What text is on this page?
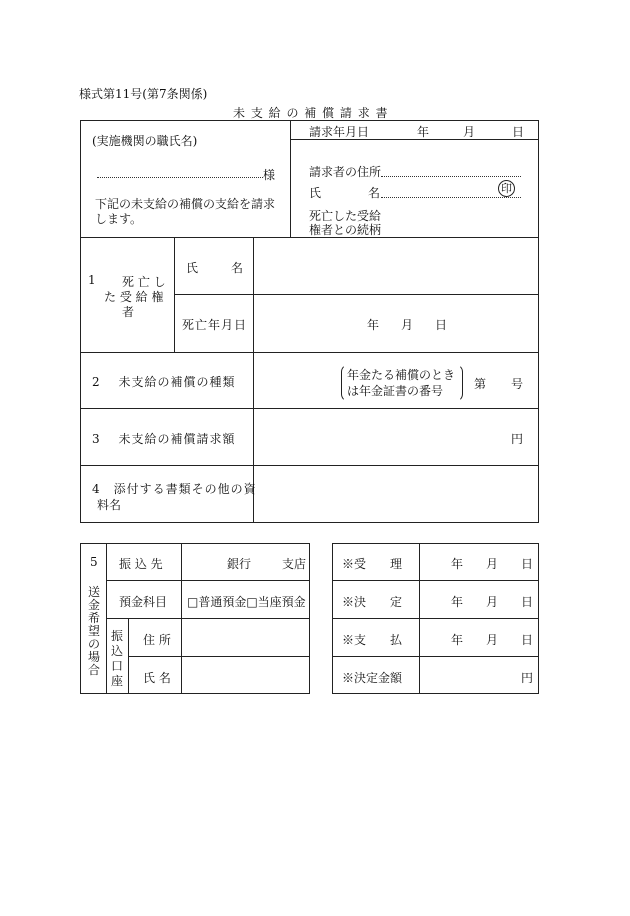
様式第11号(第7条関係)
未 支 給 の 補 償 請 求 書
(実施機関の職氏名)
様
下記の未支給の補償の支給を請求
します。
請求年月日	年	月	日
請求者の住所
氏	名	印
死亡した受給
権者との続柄
1 死 亡 し
た 受 給 権
者
氏	名
死亡年月日	年 月 日
2　 未支給の補償の種類	年金たる補償のとき
は年金証書の番号	第 号
3　 未支給の補償請求額	円
4　添付する書類その他の資
料名
5
送
金
希
望
の
場
合
振 込 先	銀行	支店
預金科目 □普通預金□当座預金
振
込
口
座
住 所
氏 名
※受　　理	年 月 日
※決　　定	年 月 日
※支　　払	年 月 日
※決定金額	円
